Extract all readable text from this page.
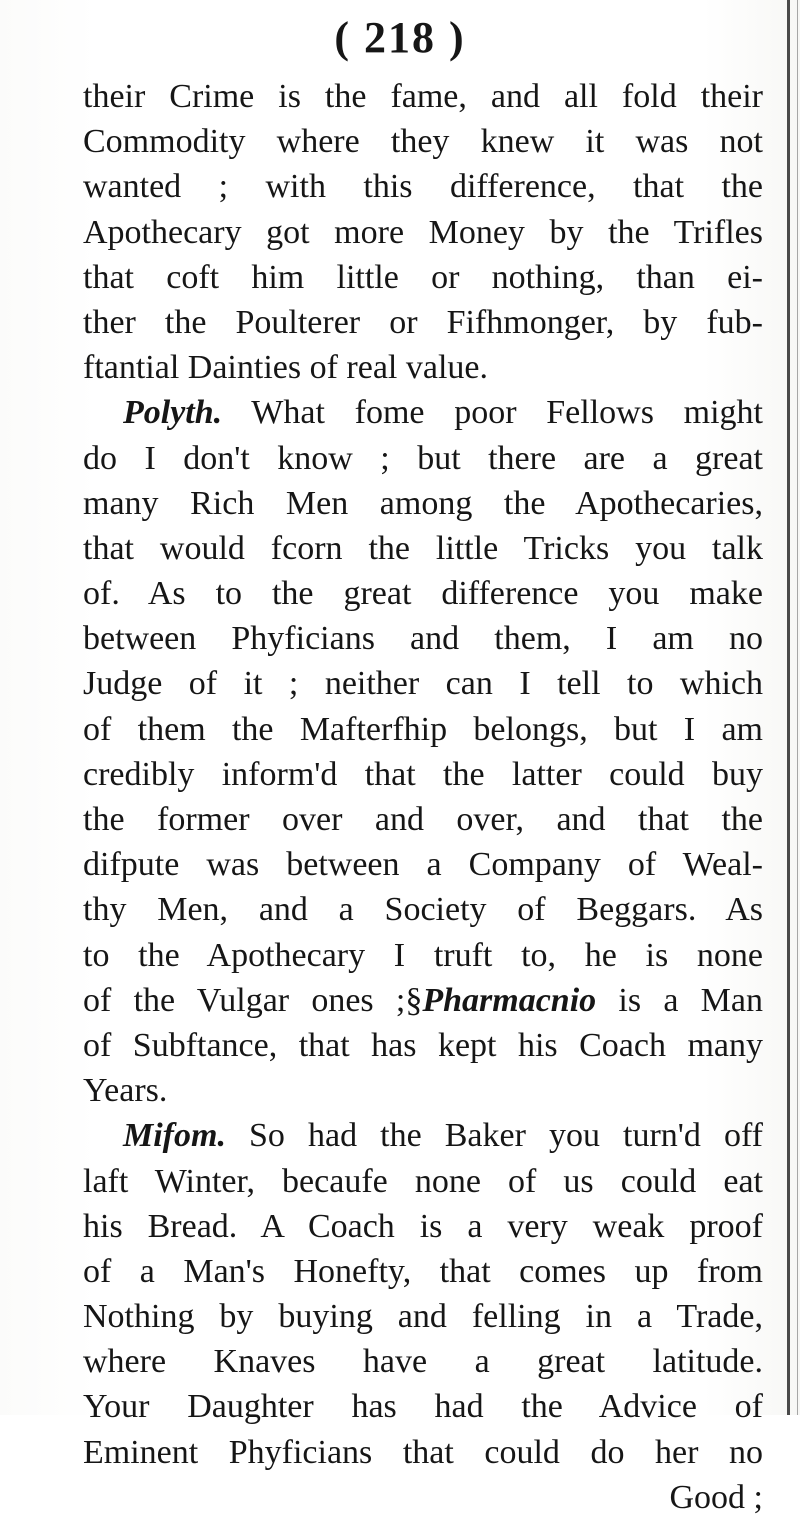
( 218 )
their Crime is the fame, and all fold their
Commodity where they knew it was not
wanted ; with this difference, that the
Apothecary got more Money by the Trifles
that coft him little or nothing, than ei-
ther the Poulterer or Fifhmonger, by fub-
ftantial Dainties of real value.
Polyth. What fome poor Fellows might
do I don't know ; but there are a great
many Rich Men among the Apothecaries,
that would fcorn the little Tricks you talk
of. As to the great difference you make
between Phyficians and them, I am no
Judge of it ; neither can I tell to which
of them the Mafterfhip belongs, but I am
credibly inform'd that the latter could buy
the former over and over, and that the
difpute was between a Company of Weal-
thy Men, and a Society of Beggars. As
to the Apothecary I truft to, he is none
of the Vulgar ones ;§Pharmacnio is a Man
of Subftance, that has kept his Coach many
Years.
Mifom. So had the Baker you turn'd off
laft Winter, becaufe none of us could eat
his Bread. A Coach is a very weak proof
of a Man's Honefty, that comes up from
Nothing by buying and felling in a Trade,
where Knaves have a great latitude.
Your Daughter has had the Advice of
Eminent Phyficians that could do her no
Good ;
